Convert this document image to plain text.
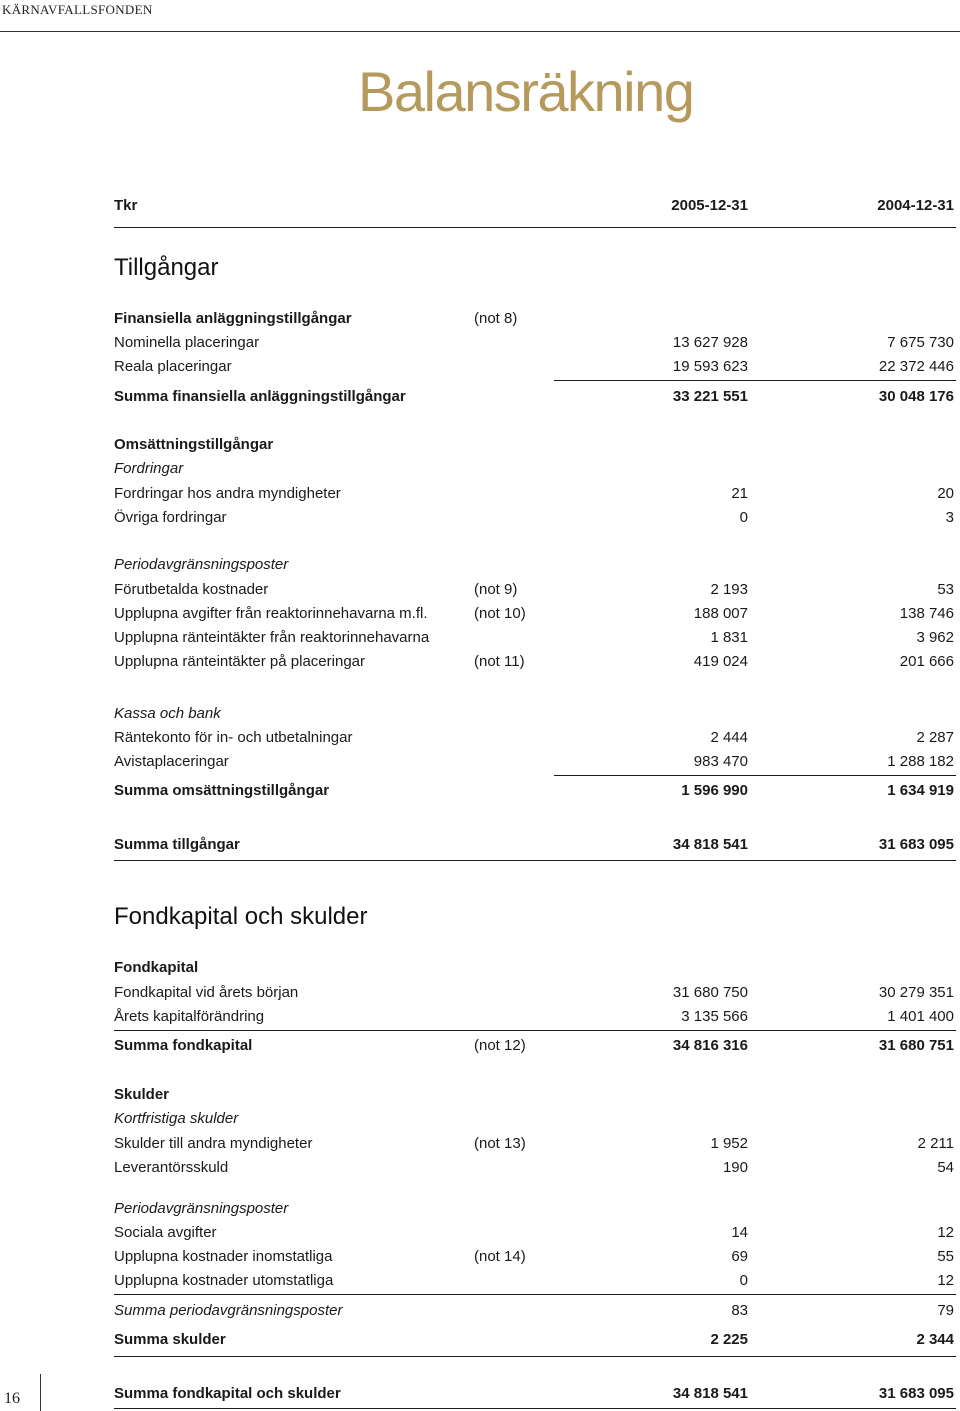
KÄRNAVFALLSFONDEN
Balansräkning
Tkr	2005-12-31	2004-12-31
Tillgångar
Finansiella anläggningstillgångar	(not 8)
Nominella placeringar	13 627 928	7 675 730
Reala placeringar	19 593 623	22 372 446
Summa finansiella anläggningstillgångar	33 221 551	30 048 176
Omsättningstillgångar
Fordringar
Fordringar hos andra myndigheter	21	20
Övriga fordringar	0	3
Periodavgränsningsposter
Förutbetalda kostnader	(not 9)	2 193	53
Upplupna avgifter från reaktorinnehavarna m.fl.	(not 10)	188 007	138 746
Upplupna ränteintäkter från reaktorinnehavarna	1 831	3 962
Upplupna ränteintäkter på placeringar	(not 11)	419 024	201 666
Kassa och bank
Räntekonto för in- och utbetalningar	2 444	2 287
Avistaplaceringar	983 470	1 288 182
Summa omsättningstillgångar	1 596 990	1 634 919
Summa tillgångar	34 818 541	31 683 095
Fondkapital och skulder
Fondkapital
Fondkapital vid årets början	31 680 750	30 279 351
Årets kapitalförändring	3 135 566	1 401 400
Summa fondkapital	(not 12)	34 816 316	31 680 751
Skulder
Kortfristiga skulder
Skulder till andra myndigheter	(not 13)	1 952	2 211
Leverantörsskuld	190	54
Periodavgränsningsposter
Sociala avgifter	14	12
Upplupna kostnader inomstatliga	(not 14)	69	55
Upplupna kostnader utomstatliga	0	12
Summa periodavgränsningsposter	83	79
Summa skulder	2 225	2 344
16	Summa fondkapital och skulder	34 818 541	31 683 095
